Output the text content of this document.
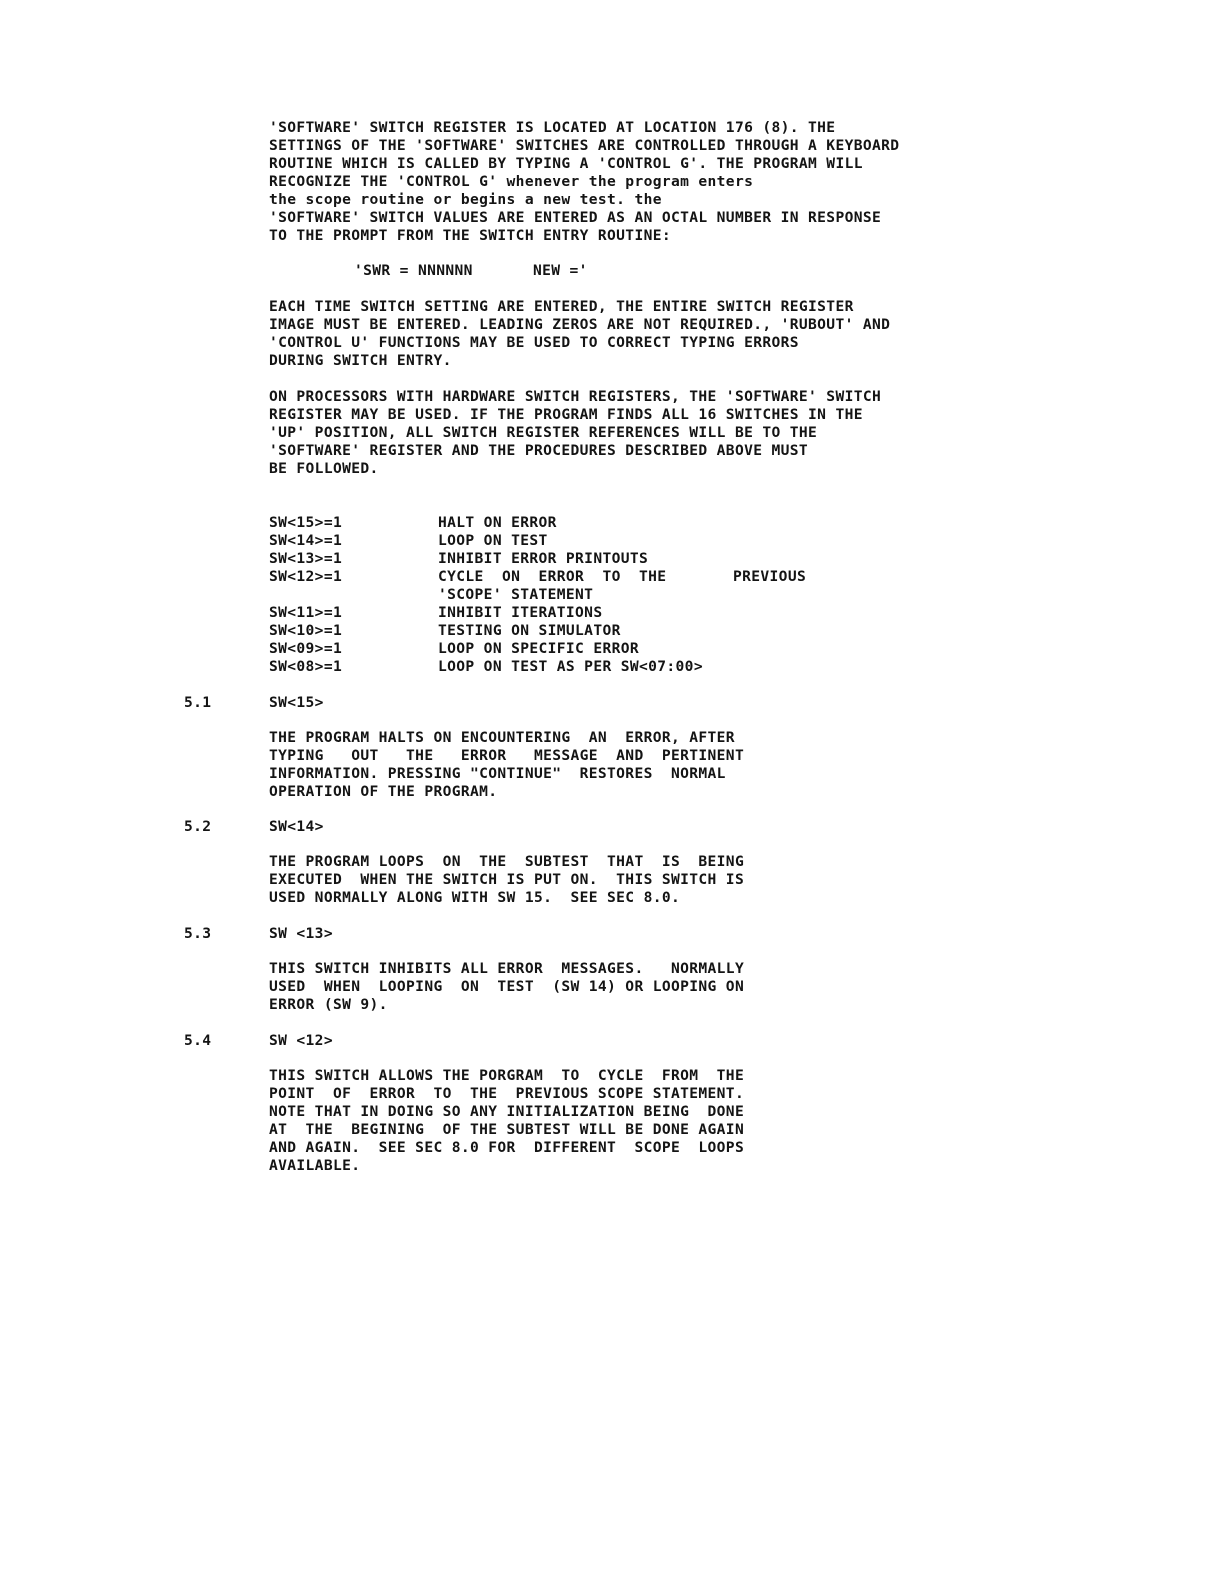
'SOFTWARE' SWITCH REGISTER IS LOCATED AT LOCATION 176 (8). THE
SETTINGS OF THE 'SOFTWARE' SWITCHES ARE CONTROLLED THROUGH A KEYBOARD
ROUTINE WHICH IS CALLED BY TYPING A 'CONTROL G'. THE PROGRAM WILL
RECOGNIZE THE 'CONTROL G' whenever the program enters
the scope routine or begins a new test. the
'SOFTWARE' SWITCH VALUES ARE ENTERED AS AN OCTAL NUMBER IN RESPONSE
TO THE PROMPT FROM THE SWITCH ENTRY ROUTINE:
'SWR = NNNNNN	NEW ='
EACH TIME SWITCH SETTING ARE ENTERED, THE ENTIRE SWITCH REGISTER
IMAGE MUST BE ENTERED. LEADING ZEROS ARE NOT REQUIRED., 'RUBOUT' AND
'CONTROL U' FUNCTIONS MAY BE USED TO CORRECT TYPING ERRORS
DURING SWITCH ENTRY.
ON PROCESSORS WITH HARDWARE SWITCH REGISTERS, THE 'SOFTWARE' SWITCH
REGISTER MAY BE USED. IF THE PROGRAM FINDS ALL 16 SWITCHES IN THE
'UP' POSITION, ALL SWITCH REGISTER REFERENCES WILL BE TO THE
'SOFTWARE' REGISTER AND THE PROCEDURES DESCRIBED ABOVE MUST
BE FOLLOWED.
SW<15>=1	HALT ON ERROR
SW<14>=1	LOOP ON TEST
SW<13>=1	INHIBIT ERROR PRINTOUTS
SW<12>=1	CYCLE  ON  ERROR  TO  THE	PREVIOUS
'SCOPE' STATEMENT
SW<11>=1	INHIBIT ITERATIONS
SW<10>=1	TESTING ON SIMULATOR
SW<09>=1	LOOP ON SPECIFIC ERROR
SW<08>=1	LOOP ON TEST AS PER SW<07:00>
5.1	SW<15>
THE PROGRAM HALTS ON ENCOUNTERING  AN  ERROR, AFTER
TYPING   OUT   THE   ERROR   MESSAGE  AND  PERTINENT
INFORMATION. PRESSING "CONTINUE"  RESTORES  NORMAL
OPERATION OF THE PROGRAM.
5.2	SW<14>
THE PROGRAM LOOPS  ON  THE  SUBTEST  THAT  IS  BEING
EXECUTED  WHEN THE SWITCH IS PUT ON.  THIS SWITCH IS
USED NORMALLY ALONG WITH SW 15.  SEE SEC 8.0.
5.3	SW <13>
THIS SWITCH INHIBITS ALL ERROR  MESSAGES.   NORMALLY
USED  WHEN  LOOPING  ON  TEST  (SW 14) OR LOOPING ON
ERROR (SW 9).
5.4	SW <12>
THIS SWITCH ALLOWS THE PORGRAM  TO  CYCLE  FROM  THE
POINT  OF  ERROR  TO  THE  PREVIOUS SCOPE STATEMENT.
NOTE THAT IN DOING SO ANY INITIALIZATION BEING  DONE
AT  THE  BEGINING  OF THE SUBTEST WILL BE DONE AGAIN
AND AGAIN.  SEE SEC 8.0 FOR  DIFFERENT  SCOPE  LOOPS
AVAILABLE.
